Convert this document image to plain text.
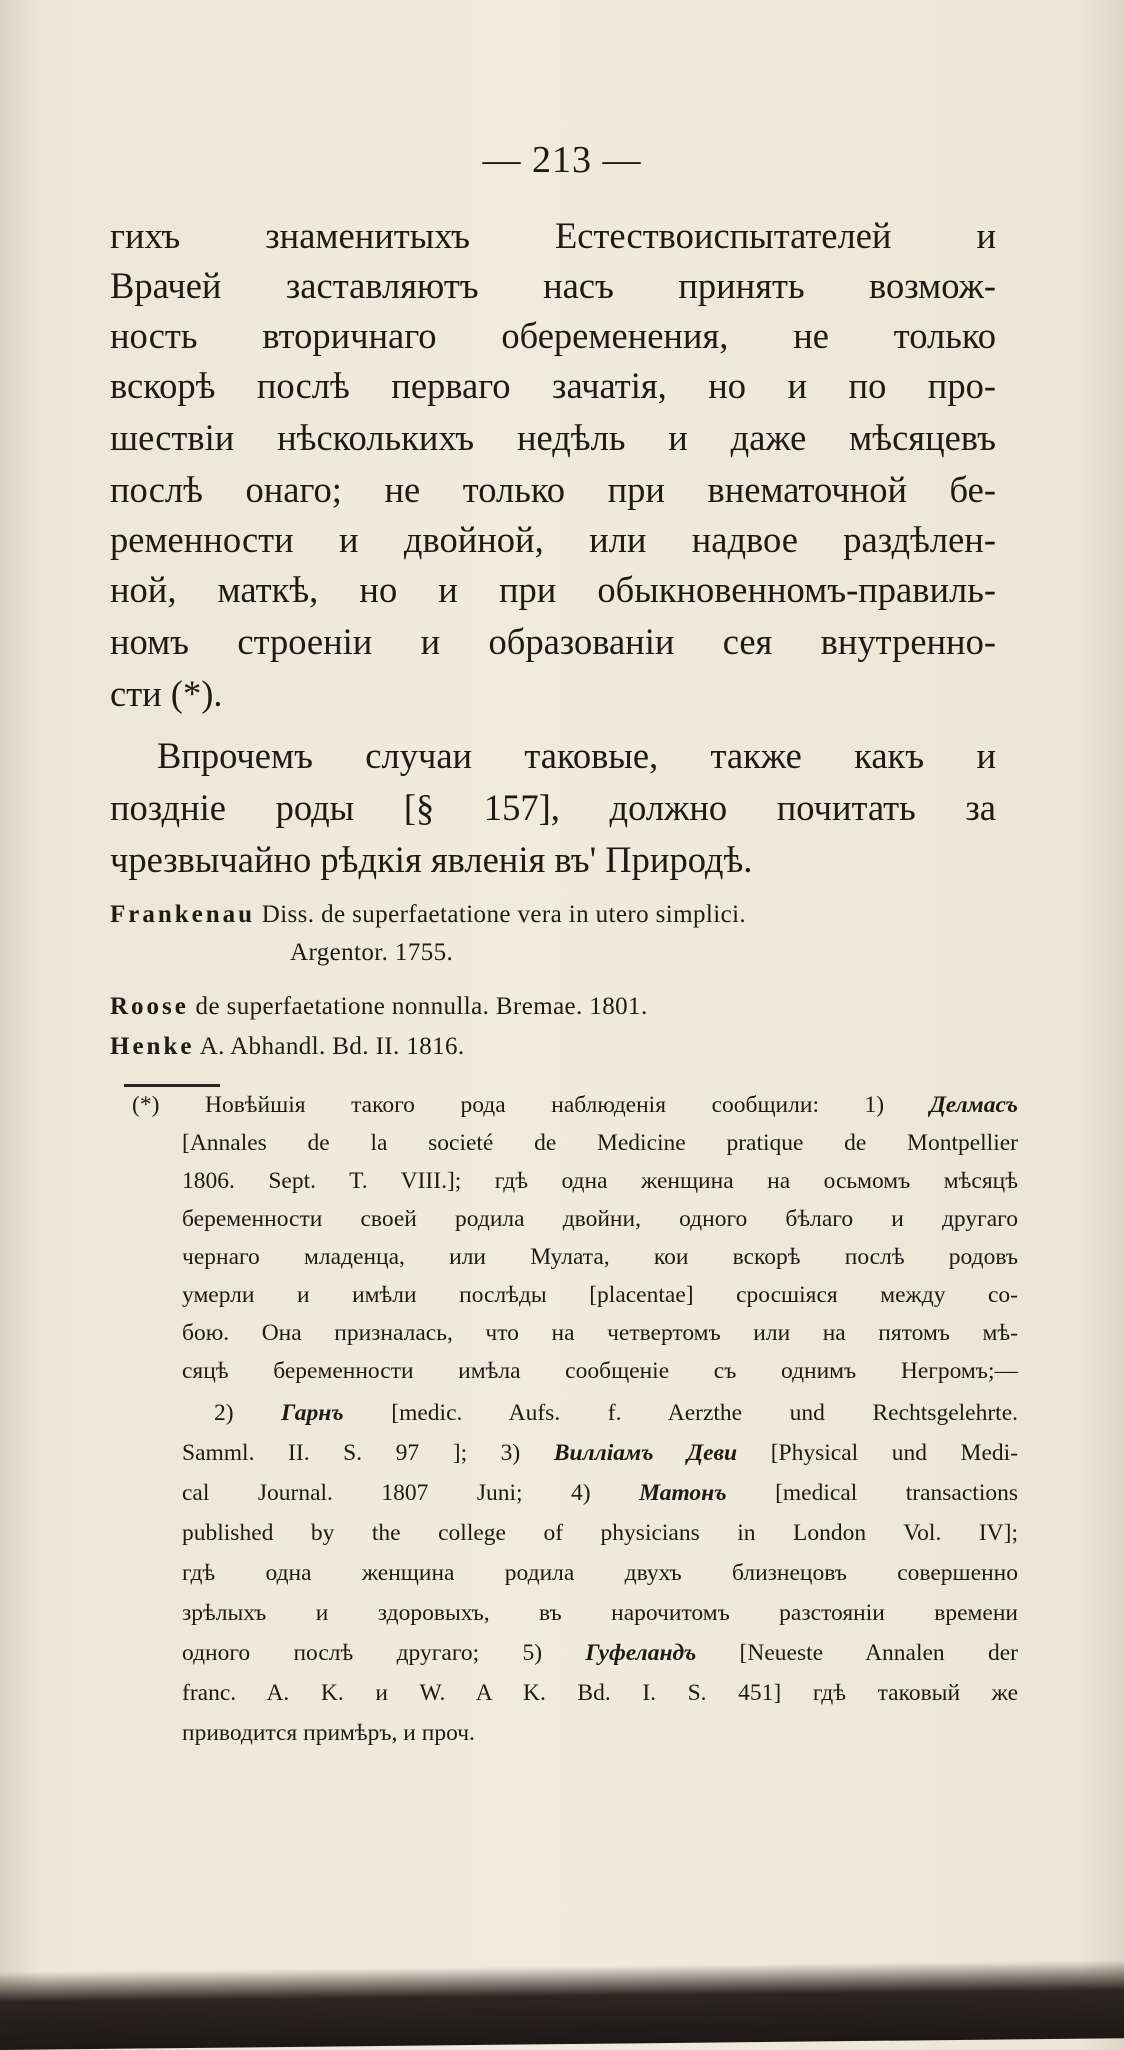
— 213 —
гихъ знаменитыхъ Естествоиспытателей и
Врачей заставляютъ насъ принять возмож-
ность вторичнаго обеременения, не только
вскорѣ послѣ перваго зачатія, но и по про-
шествіи нѣсколькихъ недѣль и даже мѣсяцевъ
послѣ онаго; не только при внематочной бе-
ременности и двойной, или надвое раздѣлен-
ной, маткѣ, но и при обыкновенномъ-правиль-
номъ строеніи и образованіи сея внутренно-
сти (*).
Впрочемъ случаи таковые, также какъ и
поздніе роды [§ 157], должно почитать за
чрезвычайно рѣдкія явленія въ' Природѣ.
Frankenau Diss. de superfaetatione vera in utero simplici.
Argentor. 1755.
Roose de superfaetatione nonnulla. Bremae. 1801.
Henke A. Abhandl. Bd. II. 1816.
(*) Новѣйшія такого рода наблюденія сообщили: 1) Делмасъ
[Annales de la societé de Medicine pratique de Montpellier
1806. Sept. T. VIII.]; гдѣ одна женщина на осьмомъ мѣсяцѣ
беременности своей родила двойни, одного бѣлаго и другаго
чернаго младенца, или Мулата, кои вскорѣ послѣ родовъ
умерли и имѣли послѣды [placentae] сросшіяся между со-
бою. Она призналась, что на четвертомъ или на пятомъ мѣ-
сяцѣ беременности имѣла сообщеніе съ однимъ Негромъ;—
2) Гарнъ [medic. Aufs. f. Aerzthe und Rechtsgelehrte.
Samml. II. S. 97 ]; 3) Вилліамъ Деви [Physical und Medi-
cal Journal. 1807 Juni; 4) Матонъ [medical transactions
published by the college of physicians in London Vol. IV];
гдѣ одна женщина родила двухъ близнецовъ совершенно
зрѣлыхъ и здоровыхъ, въ нарочитомъ разстояніи времени
одного послѣ другаго; 5) Гуфеландъ [Neueste Annalen der
franc. A. K. и W. A K. Bd. I. S. 451] гдѣ таковый же
приводится примѣръ, и проч.
